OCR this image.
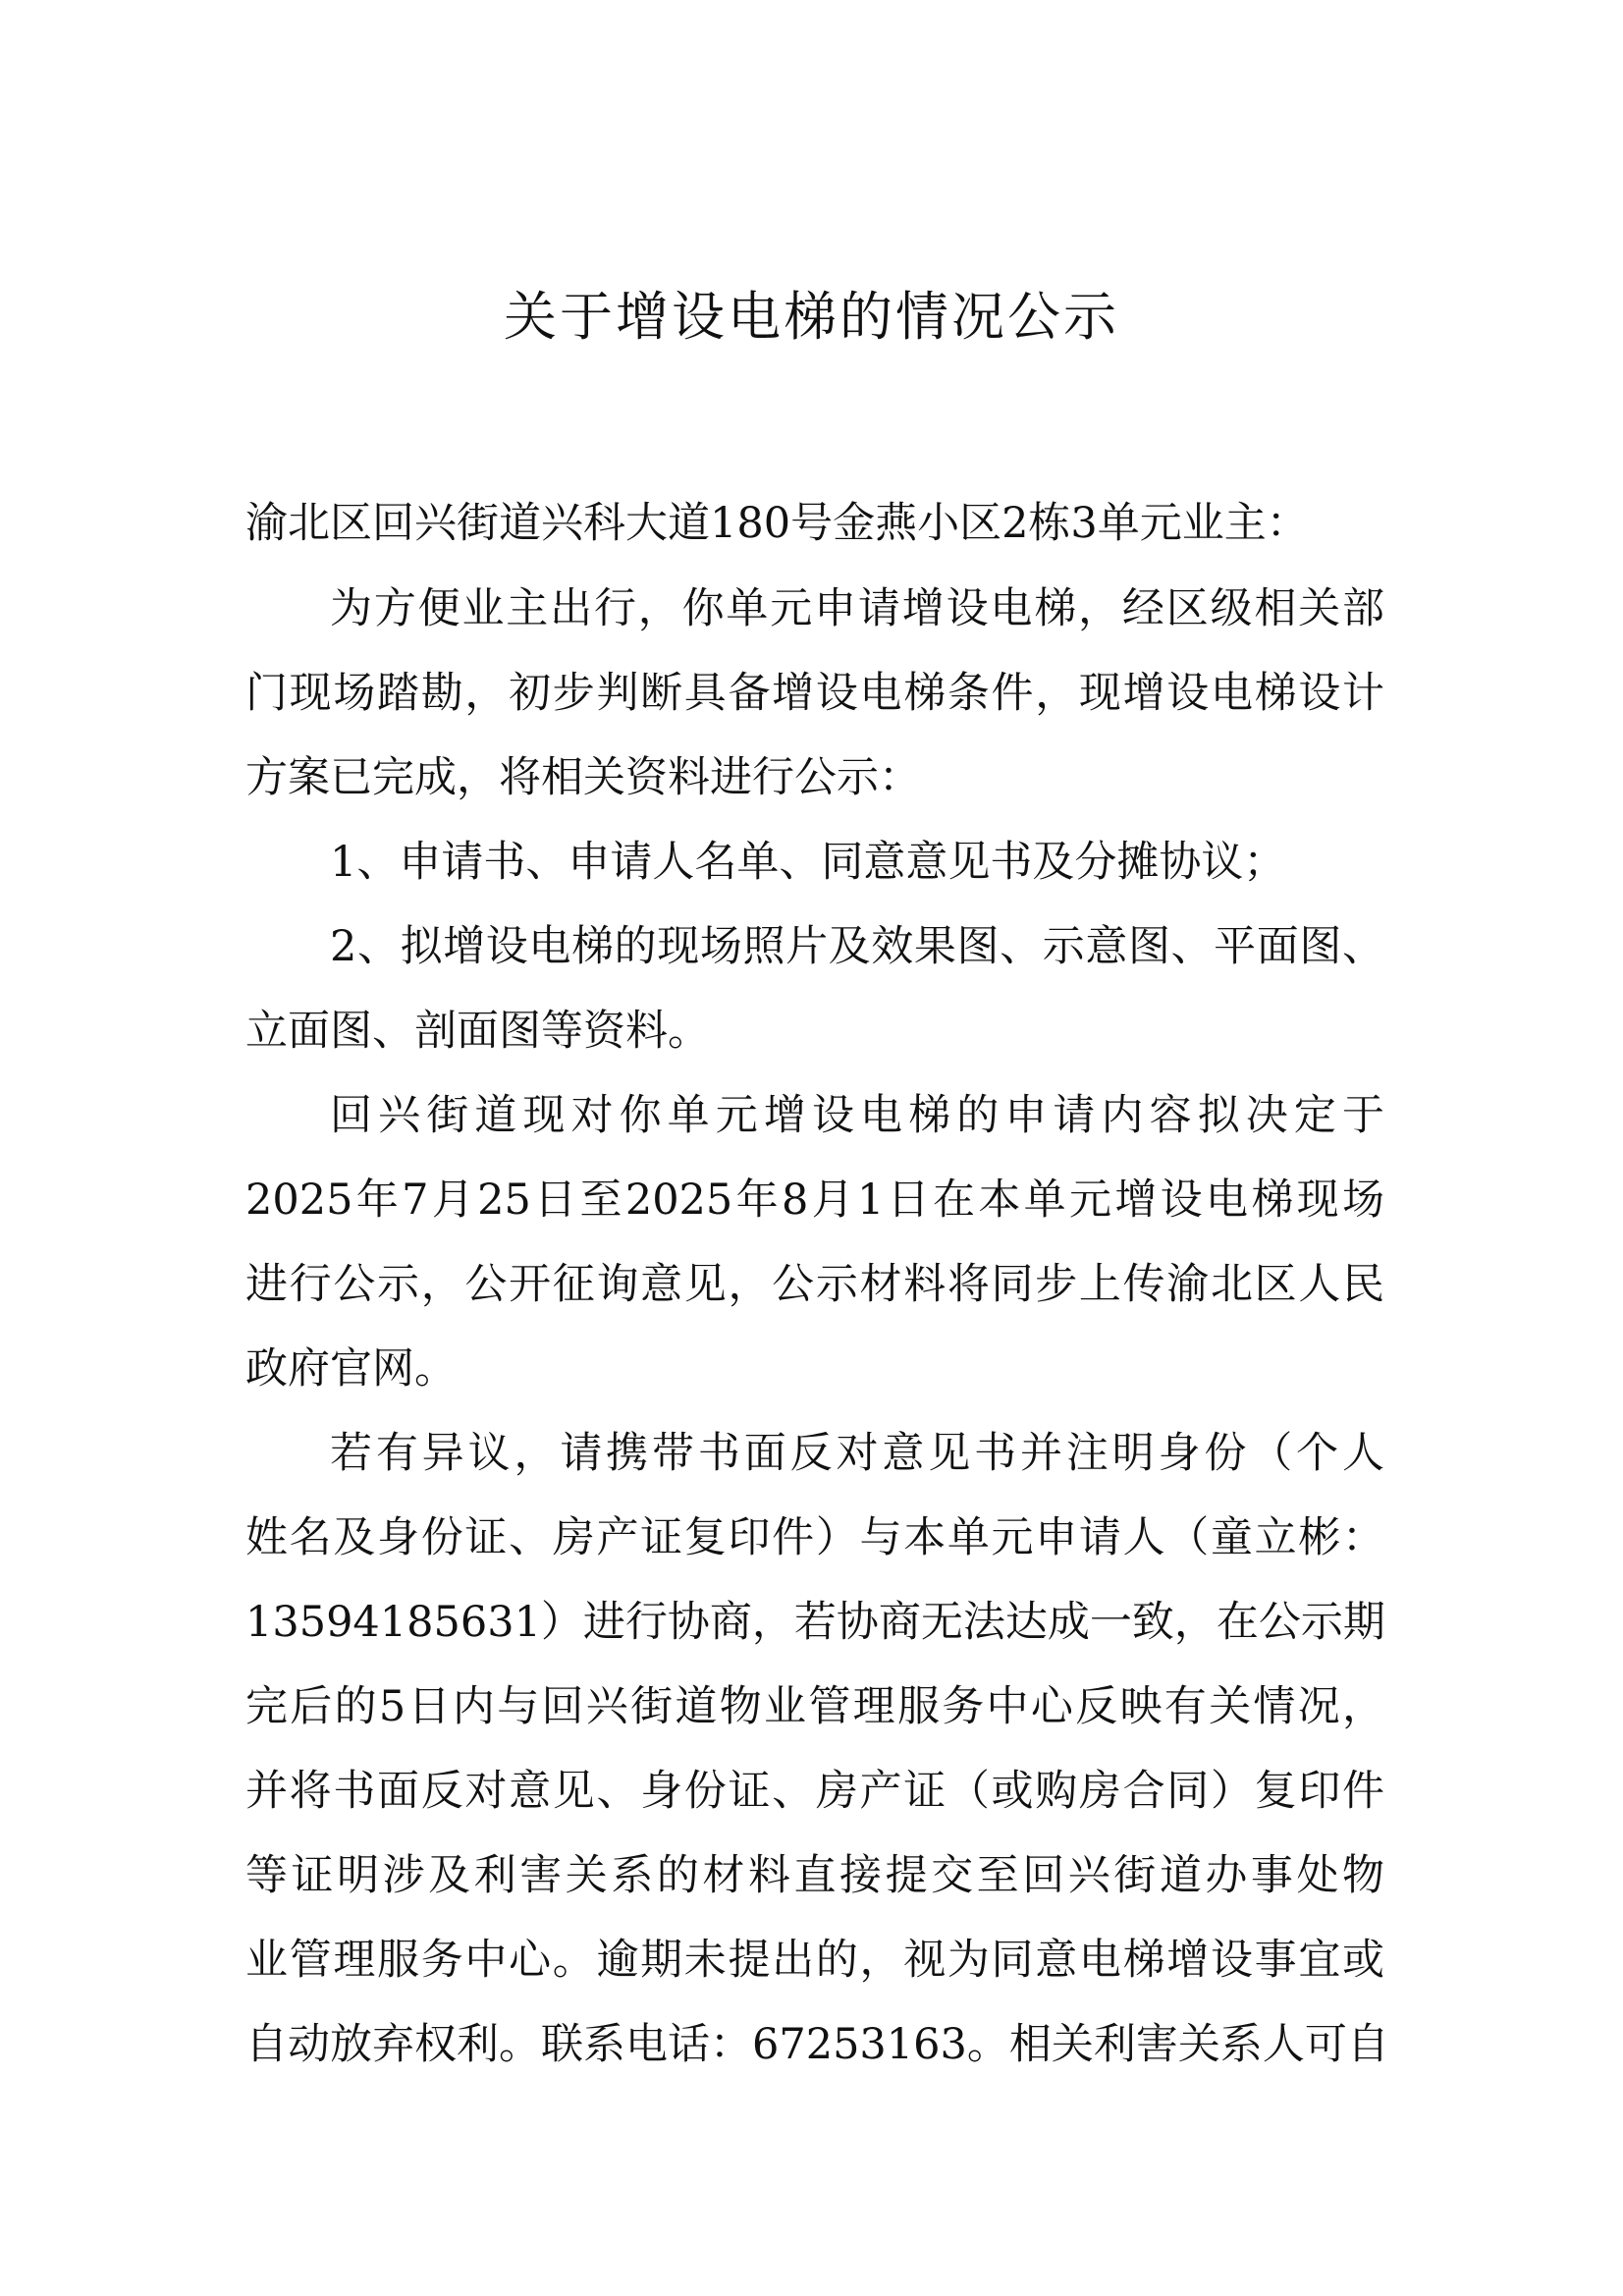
关于增设电梯的情况公示
渝北区回兴街道兴科大道180号金燕小区2栋3单元业主：
为方便业主出行，你单元申请增设电梯，经区级相关部
门现场踏勘，初步判断具备增设电梯条件，现增设电梯设计
方案已完成，将相关资料进行公示：
1、申请书、申请人名单、同意意见书及分摊协议；
2、拟增设电梯的现场照片及效果图、示意图、平面图、
立面图、剖面图等资料。
回兴街道现对你单元增设电梯的申请内容拟决定于
2025年7月25日至2025年8月1日在本单元增设电梯现场
进行公示，公开征询意见，公示材料将同步上传渝北区人民
政府官网。
若有异议，请携带书面反对意见书并注明身份（个人
姓名及身份证、房产证复印件）与本单元申请人（童立彬：
13594185631）进行协商，若协商无法达成一致，在公示期
完后的5日内与回兴街道物业管理服务中心反映有关情况，
并将书面反对意见、身份证、房产证（或购房合同）复印件
等证明涉及利害关系的材料直接提交至回兴街道办事处物
业管理服务中心。逾期未提出的，视为同意电梯增设事宜或
自动放弃权利。联系电话：67253163。相关利害关系人可自
